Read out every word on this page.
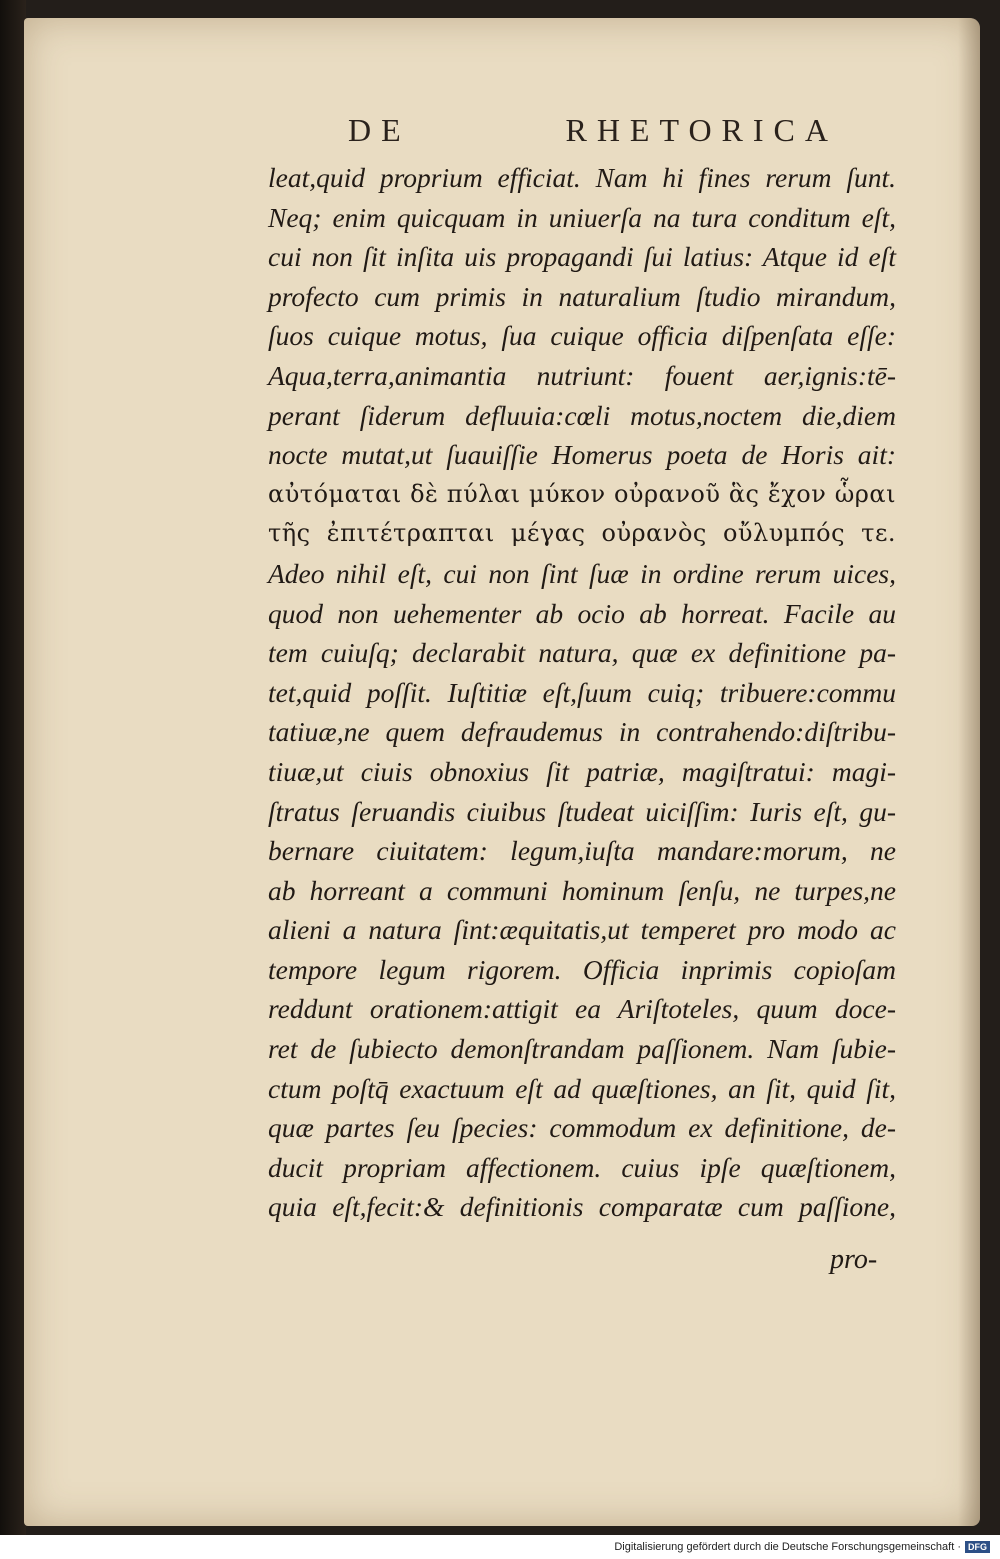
DE	RHETORICA
leat,quid proprium efficiat. Nam hi fines rerum ſunt.
Neq; enim quicquam in uniuerſa na tura conditum eſt,
cui non ſit inſita uis propagandi ſui latius: Atque id eſt
profecto cum primis in naturalium ſtudio mirandum,
ſuos cuique motus, ſua cuique officia diſpenſata eſſe:
Aqua,terra,animantia nutriunt: fouent aer,ignis:tē-
perant ſiderum defluuia:cœli motus,noctem die,diem
nocte mutat,ut ſuauiſſie Homerus poeta de Horis ait:
αὐτόμαται δὲ πύλαι μύκον οὐρανοῦ ἃς ἔχον ὧραι
τῆς ἐπιτέτραπται μέγας οὐρανὸς οὔλυμπός τε.
Adeo nihil eſt, cui non ſint ſuæ in ordine rerum uices,
quod non uehementer ab ocio ab horreat. Facile au
tem cuiuſq; declarabit natura, quæ ex definitione pa-
tet,quid poſſit. Iuſtitiæ eſt,ſuum cuiq; tribuere:commu
tatiuæ,ne quem defraudemus in contrahendo:diſtribu-
tiuæ,ut ciuis obnoxius ſit patriæ, magiſtratui: magi-
ſtratus ſeruandis ciuibus ſtudeat uiciſſim: Iuris eſt, gu-
bernare ciuitatem: legum,iuſta mandare:morum, ne
ab horreant a communi hominum ſenſu, ne turpes,ne
alieni a natura ſint:æquitatis,ut temperet pro modo ac
tempore legum rigorem. Officia inprimis copioſam
reddunt orationem:attigit ea Ariſtoteles, quum doce-
ret de ſubiecto demonſtrandam paſſionem. Nam ſubie-
ctum poſtq̄ exactuum eſt ad quæſtiones, an ſit, quid ſit,
quæ partes ſeu ſpecies: commodum ex definitione, de-
ducit propriam affectionem. cuius ipſe quæſtionem,
quia eſt,fecit:& definitionis comparatæ cum paſſione,
pro-
Digitalisierung gefördert durch die Deutsche Forschungsgemeinschaft · DFG
